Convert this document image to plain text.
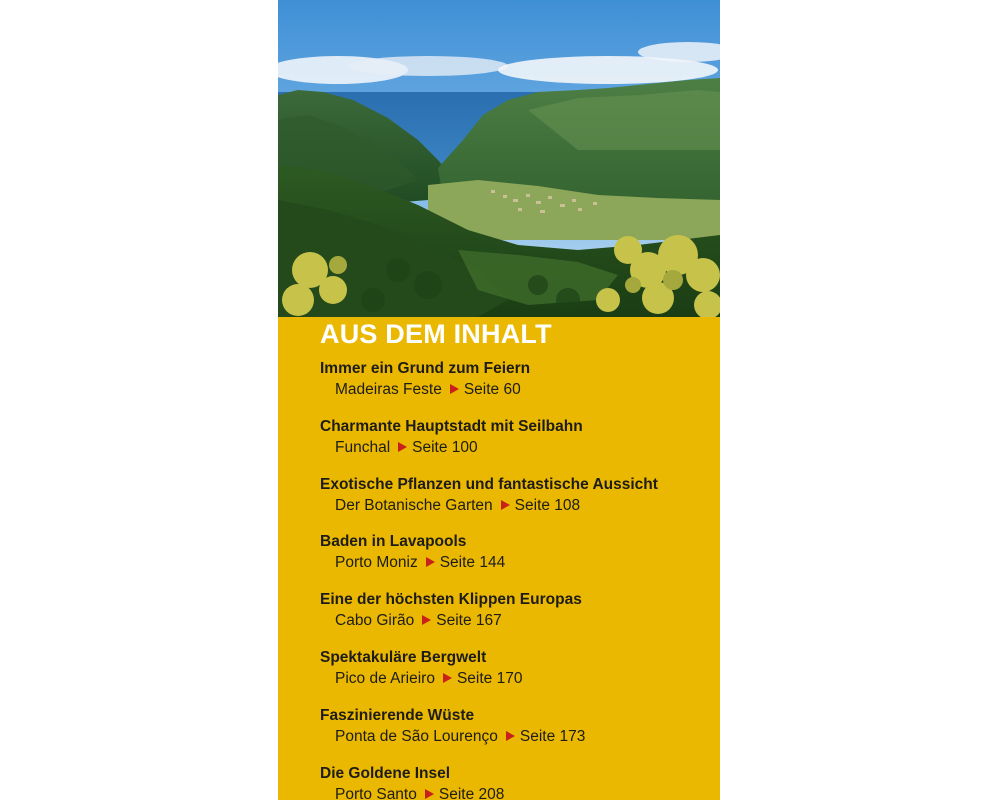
AUS DEM INHALT
Immer ein Grund zum Feiern
Madeiras Feste Seite 60
Charmante Hauptstadt mit Seilbahn
Funchal Seite 100
Exotische Pflanzen und fantastische Aussicht
Der Botanische Garten Seite 108
Baden in Lavapools
Porto Moniz Seite 144
Eine der höchsten Klippen Europas
Cabo Girão Seite 167
Spektakuläre Bergwelt
Pico de Arieiro Seite 170
Faszinierende Wüste
Ponta de São Lourenço Seite 173
Die Goldene Insel
Porto Santo Seite 208
